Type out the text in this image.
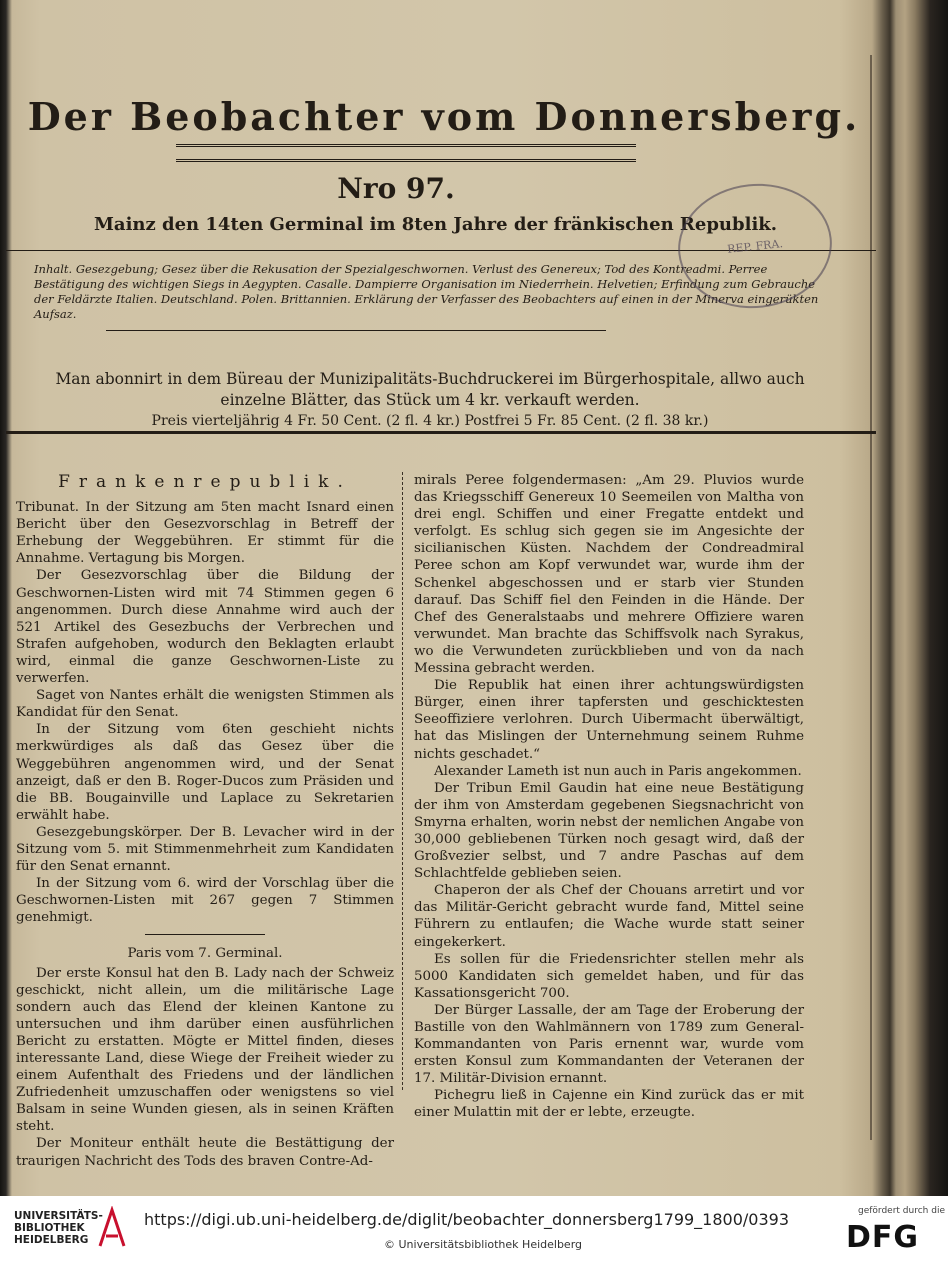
Der Beobachter vom Donnersberg.
Nro 97.
Mainz den 14ten Germinal im 8ten Jahre der fränkischen Republik.
Inhalt. Gesezgebung; Gesez über die Rekusation der Spezialgeschwornen. Verlust des Genereux; Tod des Kontreadmi. Perree Bestätigung des wichtigen Siegs in Aegypten. Casalle. Dampierre Organisation im Niederrhein. Helvetien; Erfindung zum Gebrauche der Feldärzte Italien. Deutschland. Polen. Brittannien. Erklärung der Verfasser des Beobachters auf einen in der Minerva eingerükten Aufsaz.
REP. FRA.
Man abonnirt in dem Büreau der Munizipalitäts-Buchdruckerei im Bürgerhospitale, allwo auch
einzelne Blätter, das Stück um 4 kr. verkauft werden.
Preis vierteljährig 4 Fr. 50 Cent. (2 fl. 4 kr.) Postfrei 5 Fr. 85 Cent. (2 fl. 38 kr.)

Frankenrepublik.

Tribunat. In der Sitzung am 5ten macht Isnard einen Bericht über den Gesezvorschlag in Betreff der Erhebung der Weggebühren. Er stimmt für die Annahme. Vertagung bis Morgen.

Der Gesezvorschlag über die Bildung der Geschwornen-Listen wird mit 74 Stimmen gegen 6 angenommen. Durch diese Annahme wird auch der 521 Artikel des Gesezbuchs der Verbrechen und Strafen aufgehoben, wodurch den Beklagten erlaubt wird, einmal die ganze Geschwornen-Liste zu verwerfen.

Saget von Nantes erhält die wenigsten Stimmen als Kandidat für den Senat.

In der Sitzung vom 6ten geschieht nichts merkwürdiges als daß das Gesez über die Weggebühren angenommen wird, und der Senat anzeigt, daß er den B. Roger-Ducos zum Präsiden und die BB. Bougainville und Laplace zu Sekretarien erwählt habe.

Gesezgebungskörper. Der B. Levacher wird in der Sitzung vom 5. mit Stimmenmehrheit zum Kandidaten für den Senat ernannt.

In der Sitzung vom 6. wird der Vorschlag über die Geschwornen-Listen mit 267 gegen 7 Stimmen genehmigt.

Paris vom 7. Germinal.

Der erste Konsul hat den B. Lady nach der Schweiz geschickt, nicht allein, um die militärische Lage sondern auch das Elend der kleinen Kantone zu untersuchen und ihm darüber einen ausführlichen Bericht zu erstatten. Mögte er Mittel finden, dieses interessante Land, diese Wiege der Freiheit wieder zu einem Aufenthalt des Friedens und der ländlichen Zufriedenheit umzuschaffen oder wenigstens so viel Balsam in seine Wunden giesen, als in seinen Kräften steht.

Der Moniteur enthält heute die Bestättigung der traurigen Nachricht des Tods des braven Contre-Ad-

mirals Peree folgendermasen: „Am 29. Pluvios wurde das Kriegsschiff Genereux 10 Seemeilen von Maltha von drei engl. Schiffen und einer Fregatte entdekt und verfolgt. Es schlug sich gegen sie im Angesichte der sicilianischen Küsten. Nachdem der Condreadmiral Peree schon am Kopf verwundet war, wurde ihm der Schenkel abgeschossen und er starb vier Stunden darauf. Das Schiff fiel den Feinden in die Hände. Der Chef des Generalstaabs und mehrere Offiziere waren verwundet. Man brachte das Schiffsvolk nach Syrakus, wo die Verwundeten zurückblieben und von da nach Messina gebracht werden.

Die Republik hat einen ihrer achtungswürdigsten Bürger, einen ihrer tapfersten und geschicktesten Seeoffiziere verlohren. Durch Uibermacht überwältigt, hat das Mislingen der Unternehmung seinem Ruhme nichts geschadet.“

Alexander Lameth ist nun auch in Paris angekommen.

Der Tribun Emil Gaudin hat eine neue Bestätigung der ihm von Amsterdam gegebenen Siegsnachricht von Smyrna erhalten, worin nebst der nemlichen Angabe von 30,000 gebliebenen Türken noch gesagt wird, daß der Großvezier selbst, und 7 andre Paschas auf dem Schlachtfelde geblieben seien.

Chaperon der als Chef der Chouans arretirt und vor das Militär-Gericht gebracht wurde fand, Mittel seine Führern zu entlaufen; die Wache wurde statt seiner eingekerkert.

Es sollen für die Friedensrichter stellen mehr als 5000 Kandidaten sich gemeldet haben, und für das Kassationsgericht 700.

Der Bürger Lassalle, der am Tage der Eroberung der Bastille von den Wahlmännern von 1789 zum General-Kommandanten von Paris ernennt war, wurde vom ersten Konsul zum Kommandanten der Veteranen der 17. Militär-Division ernannt.

Pichegru ließ in Cajenne ein Kind zurück das er mit einer Mulattin mit der er lebte, erzeugte.

UNIVERSITÄTS-
BIBLIOTHEK
HEIDELBERG
https://digi.ub.uni-heidelberg.de/diglit/beobachter_donnersberg1799_1800/0393
© Universitätsbibliothek Heidelberg
gefördert durch die
DFG
